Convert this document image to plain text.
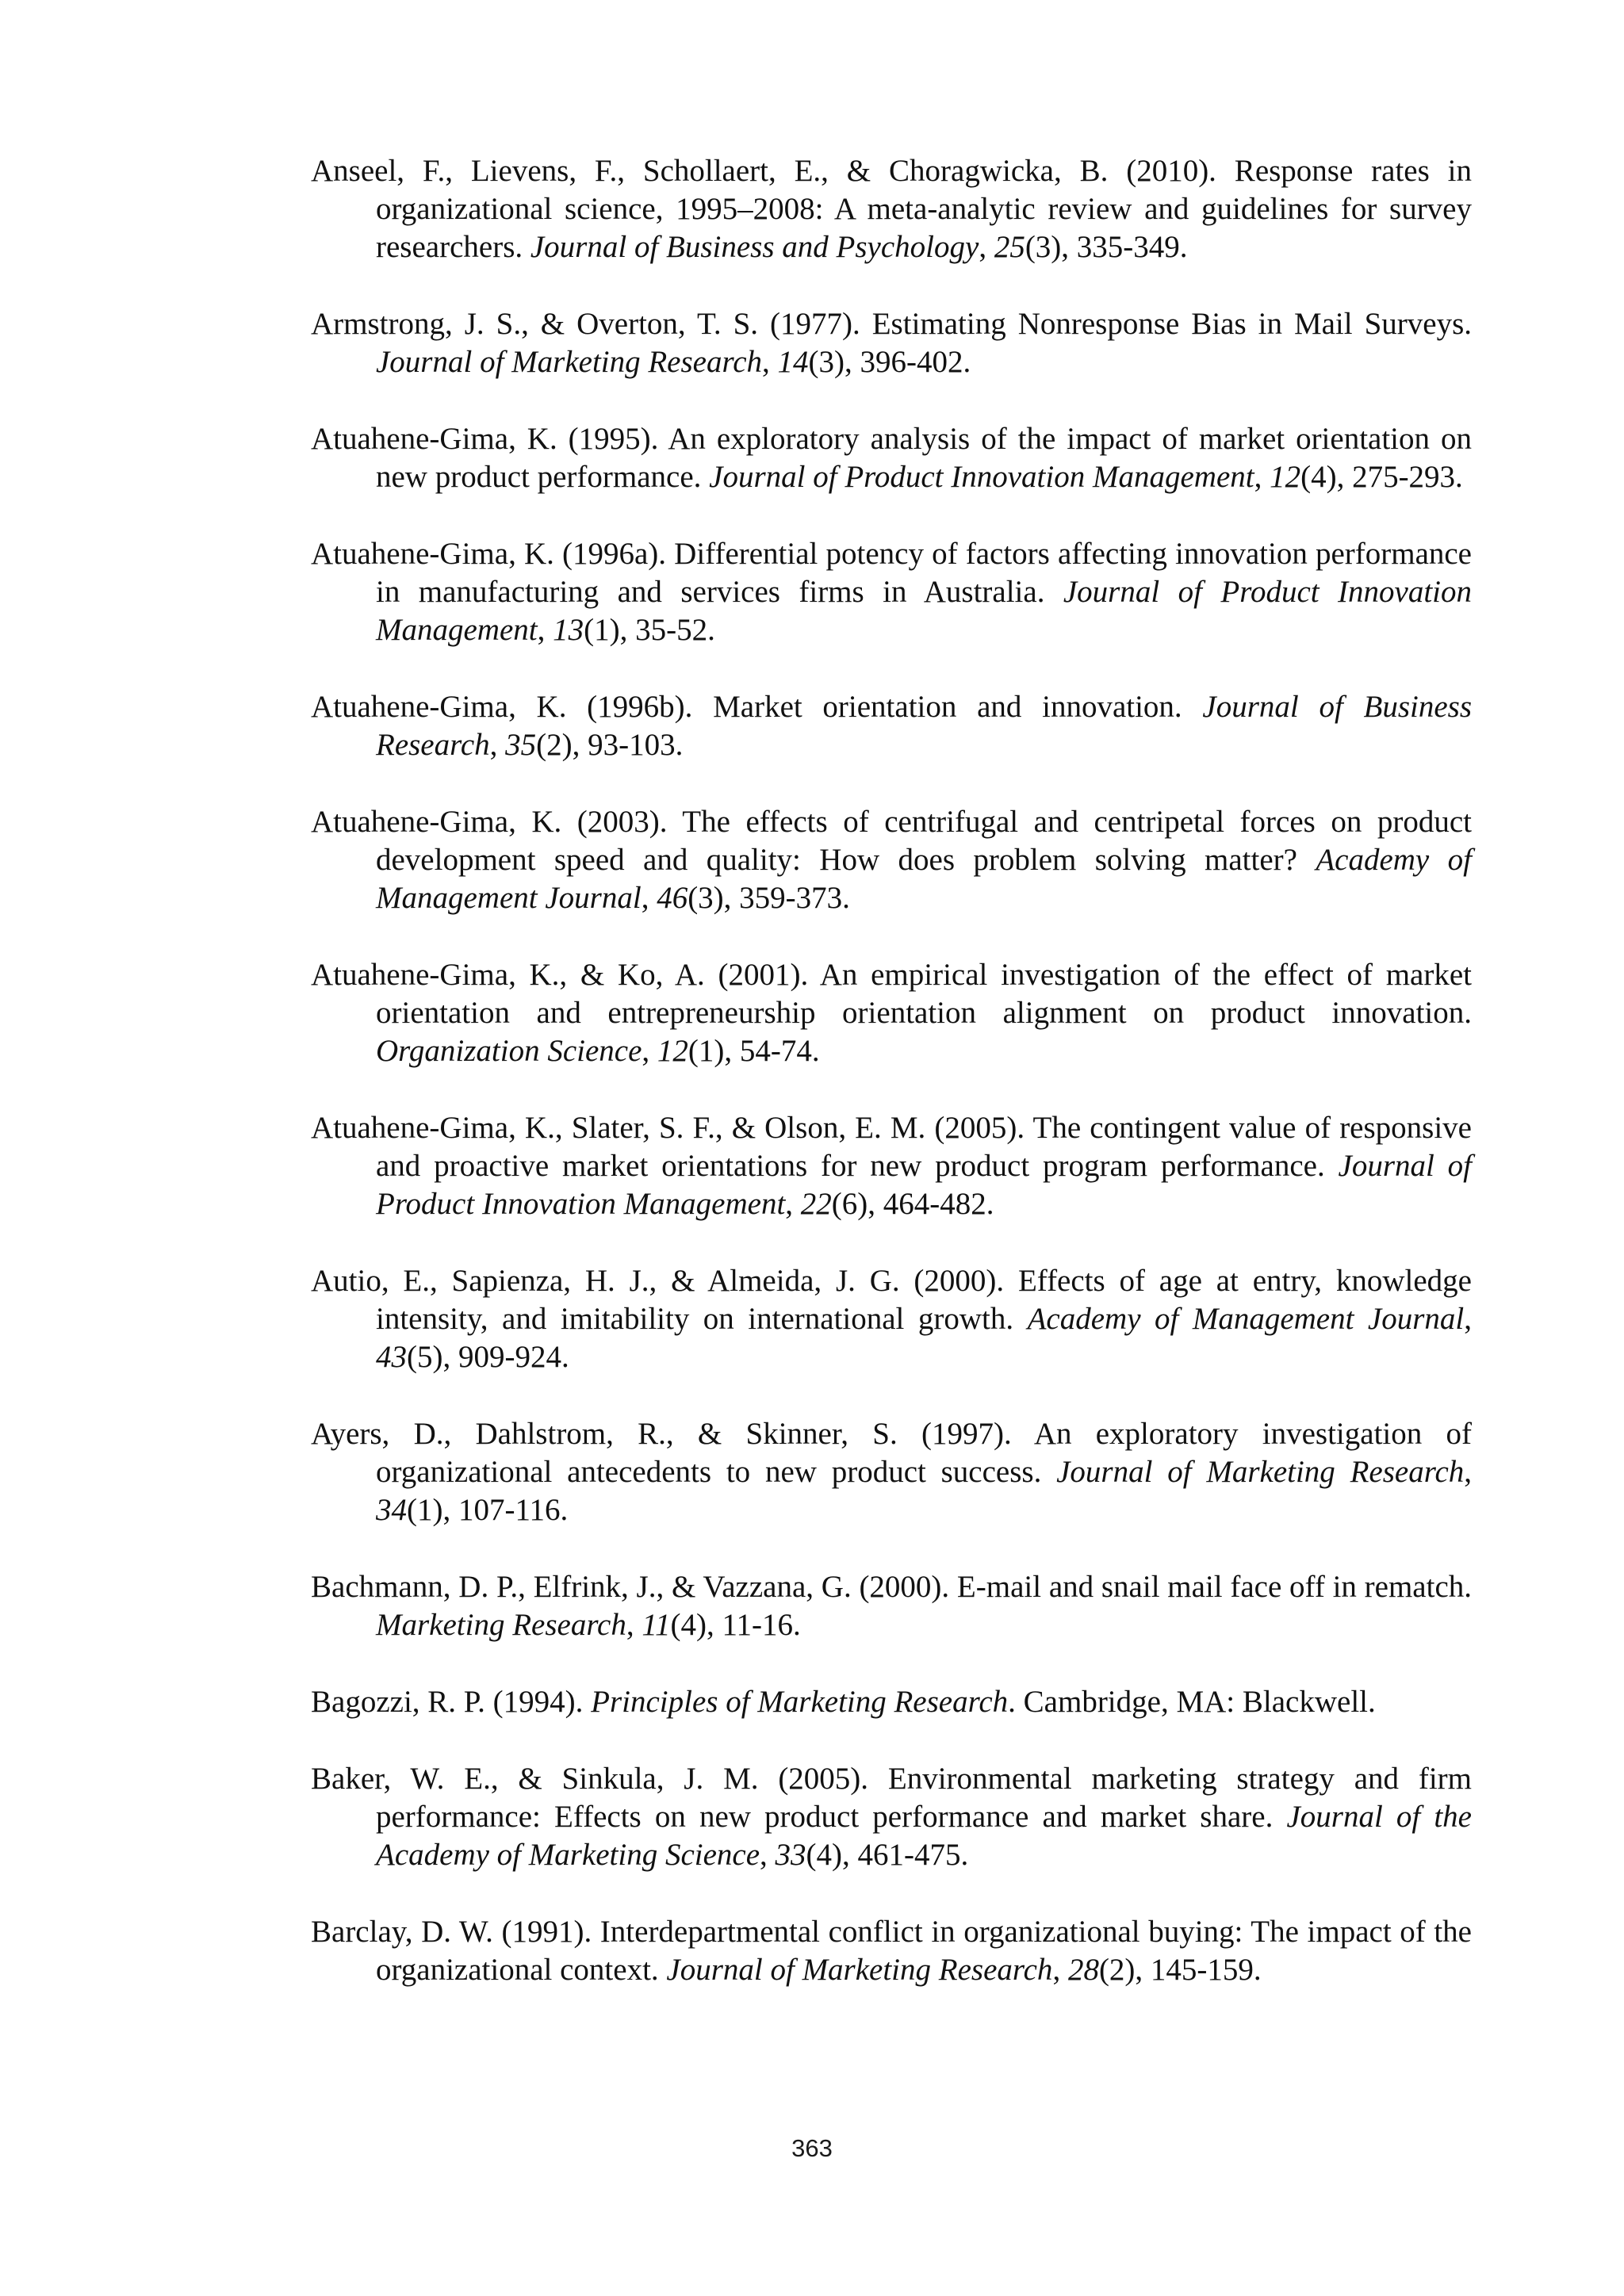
Anseel, F., Lievens, F., Schollaert, E., & Choragwicka, B. (2010). Response rates in organizational science, 1995–2008: A meta-analytic review and guidelines for survey researchers. Journal of Business and Psychology, 25(3), 335-349.
Armstrong, J. S., & Overton, T. S. (1977). Estimating Nonresponse Bias in Mail Surveys. Journal of Marketing Research, 14(3), 396-402.
Atuahene-Gima, K. (1995). An exploratory analysis of the impact of market orientation on new product performance. Journal of Product Innovation Management, 12(4), 275-293.
Atuahene-Gima, K. (1996a). Differential potency of factors affecting innovation performance in manufacturing and services firms in Australia. Journal of Product Innovation Management, 13(1), 35-52.
Atuahene-Gima, K. (1996b). Market orientation and innovation. Journal of Business Research, 35(2), 93-103.
Atuahene-Gima, K. (2003). The effects of centrifugal and centripetal forces on product development speed and quality: How does problem solving matter? Academy of Management Journal, 46(3), 359-373.
Atuahene-Gima, K., & Ko, A. (2001). An empirical investigation of the effect of market orientation and entrepreneurship orientation alignment on product innovation. Organization Science, 12(1), 54-74.
Atuahene-Gima, K., Slater, S. F., & Olson, E. M. (2005). The contingent value of responsive and proactive market orientations for new product program performance. Journal of Product Innovation Management, 22(6), 464-482.
Autio, E., Sapienza, H. J., & Almeida, J. G. (2000). Effects of age at entry, knowledge intensity, and imitability on international growth. Academy of Management Journal, 43(5), 909-924.
Ayers, D., Dahlstrom, R., & Skinner, S. (1997). An exploratory investigation of organizational antecedents to new product success. Journal of Marketing Research, 34(1), 107-116.
Bachmann, D. P., Elfrink, J., & Vazzana, G. (2000). E-mail and snail mail face off in rematch. Marketing Research, 11(4), 11-16.
Bagozzi, R. P. (1994). Principles of Marketing Research. Cambridge, MA: Blackwell.
Baker, W. E., & Sinkula, J. M. (2005). Environmental marketing strategy and firm performance: Effects on new product performance and market share. Journal of the Academy of Marketing Science, 33(4), 461-475.
Barclay, D. W. (1991). Interdepartmental conflict in organizational buying: The impact of the organizational context. Journal of Marketing Research, 28(2), 145-159.
363
